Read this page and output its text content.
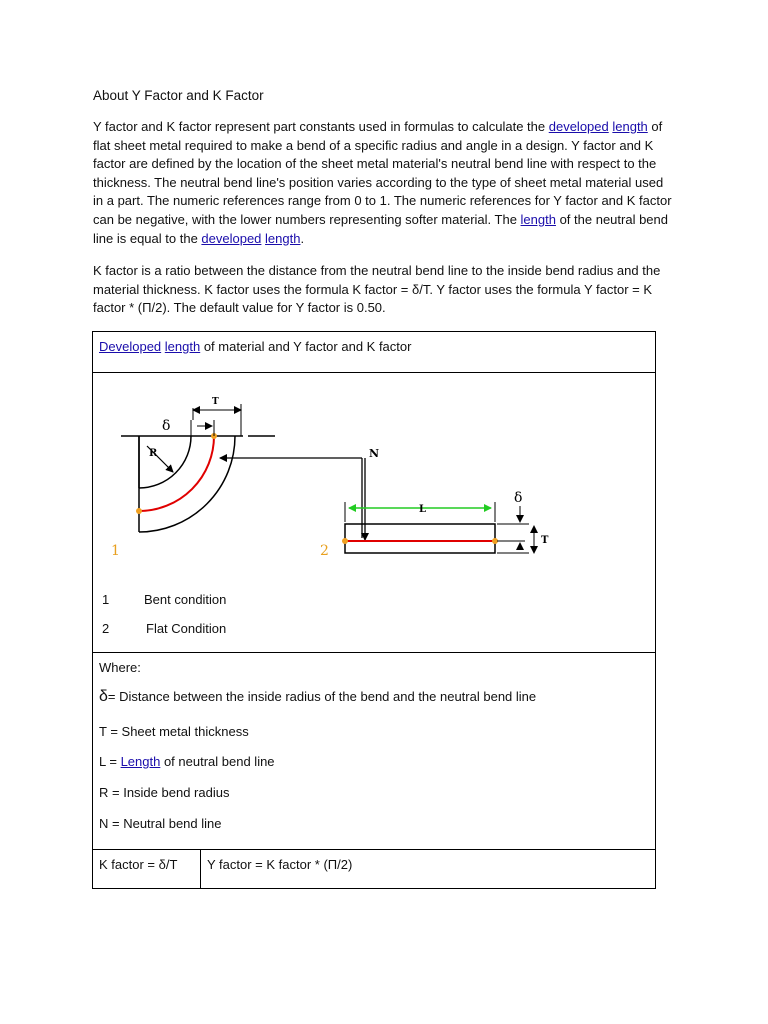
About Y Factor and K Factor
Y factor and K factor represent part constants used in formulas to calculate the developed length of flat sheet metal required to make a bend of a specific radius and angle in a design. Y factor and K factor are defined by the location of the sheet metal material's neutral bend line with respect to the thickness. The neutral bend line's position varies according to the type of sheet metal material used in a part. The numeric references range from 0 to 1. The numeric references for Y factor and K factor can be negative, with the lower numbers representing softer material. The length of the neutral bend line is equal to the developed length.
K factor is a ratio between the distance from the neutral bend line to the inside bend radius and the material thickness. K factor uses the formula K factor = δ/T. Y factor uses the formula Y factor = K factor * (Π/2). The default value for Y factor is 0.50.
Developed length of material and Y factor and K factor
R
δ
T
1
N
L
δ
T
2
1	Bent condition
2	Flat Condition
Where:
δ= Distance between the inside radius of the bend and the neutral bend line
T = Sheet metal thickness
L = Length of neutral bend line
R = Inside bend radius
N = Neutral bend line
K factor = δ/T Y factor = K factor * (Π/2)
